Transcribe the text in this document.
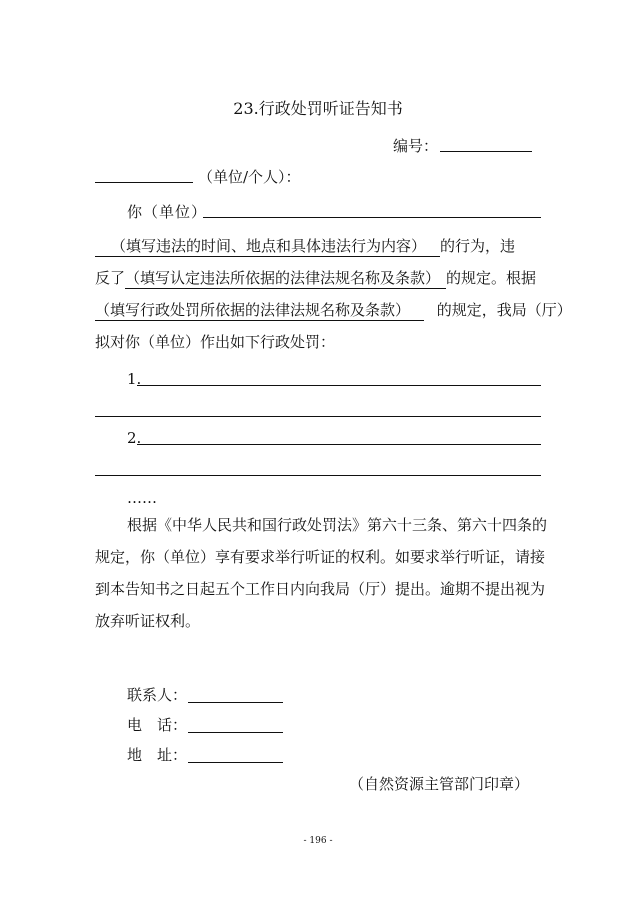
23.行政处罚听证告知书
编号：
（单位/个人）：
你（单位）
（填写违法的时间、地点和具体违法行为内容） 的行为，违
反了（填写认定违法所依据的法律法规名称及条款） 的规定。根据
（填写行政处罚所依据的法律法规名称及条款） 的规定，我局（厅）
拟对你（单位）作出如下行政处罚：
1.
2.
……
根据《中华人民共和国行政处罚法》第六十三条、第六十四条的
规定，你（单位）享有要求举行听证的权利。如要求举行听证，请接
到本告知书之日起五个工作日内向我局（厅）提出。逾期不提出视为
放弃听证权利。
联系人：
电　话：
地　址：
（自然资源主管部门印章）
- 196 -
